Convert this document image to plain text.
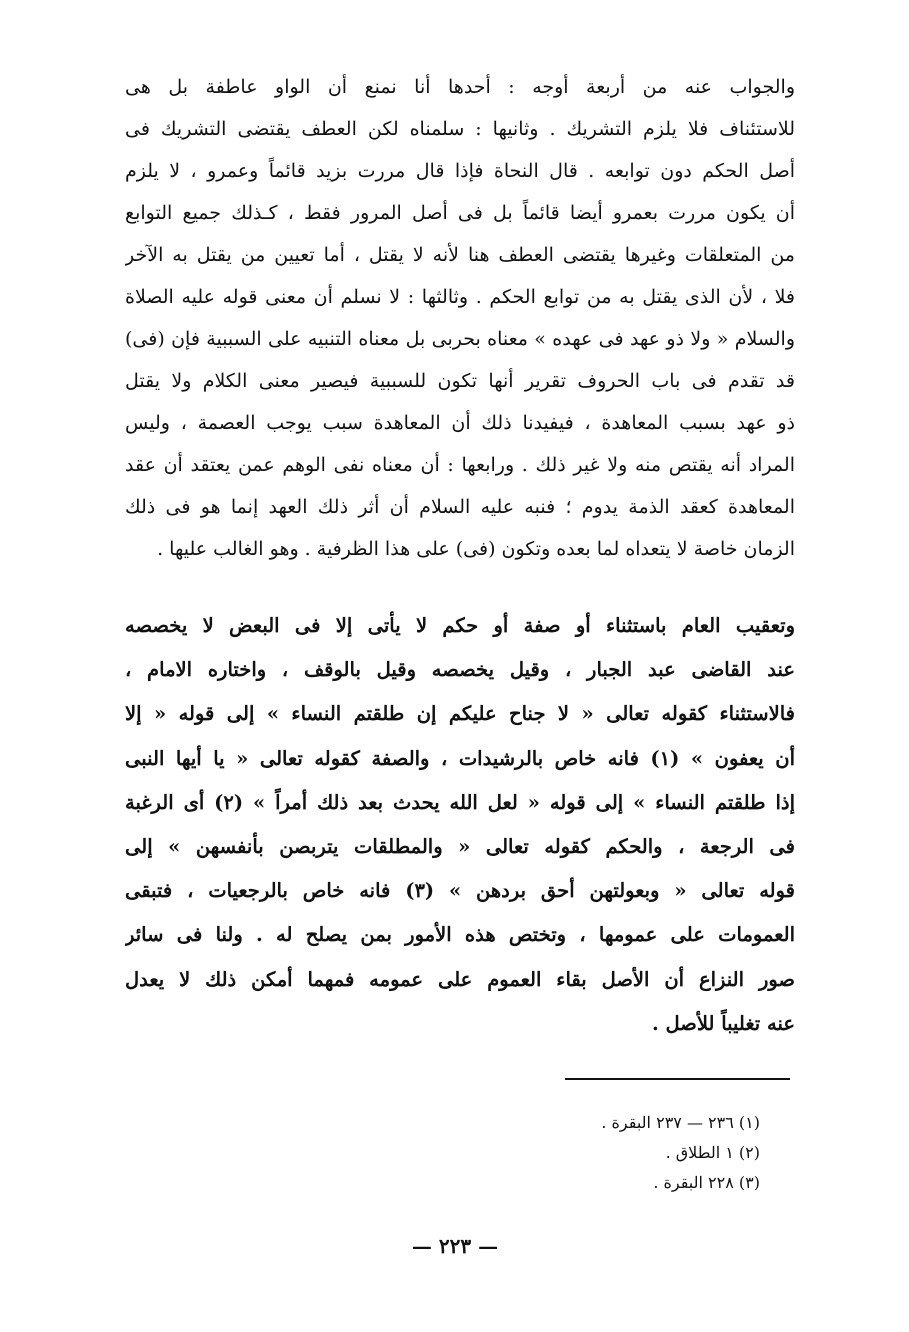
والجواب عنه من أربعة أوجه : أحدها أنا نمنع أن الواو عاطفة بل هى
للاستئناف فلا يلزم التشريك . وثانيها : سلمناه لكن العطف يقتضى التشريك فى
أصل الحكم دون توابعه . قال النحاة فإذا قال مررت بزيد قائماً وعمرو ، لا يلزم
أن يكون مررت بعمرو أيضا قائماً بل فى أصل المرور فقط ، كـذلك جميع التوابع
من المتعلقات وغيرها يقتضى العطف هنا لأنه لا يقتل ، أما تعيين من يقتل به الآخر
فلا ، لأن الذى يقتل به من توابع الحكم . وثالثها : لا نسلم أن معنى قوله عليه الصلاة
والسلام « ولا ذو عهد فى عهده » معناه بحربى بل معناه التنبيه على السببية فإن (فى)
قد تقدم فى باب الحروف تقرير أنها تكون للسببية فيصير معنى الكلام ولا يقتل
ذو عهد بسبب المعاهدة ، فيفيدنا ذلك أن المعاهدة سبب يوجب العصمة ، وليس
المراد أنه يقتص منه ولا غير ذلك . ورابعها : أن معناه نفى الوهم عمن يعتقد أن عقد
المعاهدة كعقد الذمة يدوم ؛ فنبه عليه السلام أن أثر ذلك العهد إنما هو فى ذلك
الزمان خاصة لا يتعداه لما بعده وتكون (فى) على هذا الظرفية . وهو الغالب عليها .
وتعقيب العام باستثناء أو صفة أو حكم لا يأتى إلا فى البعض لا يخصصه
عند القاضى عبد الجبار ، وقيل يخصصه وقيل بالوقف ، واختاره الامام ،
فالاستثناء كقوله تعالى « لا جناح عليكم إن طلقتم النساء » إلى قوله « إلا
أن يعفون » (١) فانه خاص بالرشيدات ، والصفة كقوله تعالى « يا أيها النبى
إذا طلقتم النساء » إلى قوله « لعل الله يحدث بعد ذلك أمراً » (٢) أى الرغبة
فى الرجعة ، والحكم كقوله تعالى « والمطلقات يتربصن بأنفسهن » إلى
قوله تعالى « وبعولتهن أحق بردهن » (٣) فانه خاص بالرجعيات ، فتبقى
العمومات على عمومها ، وتختص هذه الأمور بمن يصلح له . ولنا فى سائر
صور النزاع أن الأصل بقاء العموم على عمومه فمهما أمكن ذلك لا يعدل
عنه تغليباً للأصل .
(١) ٢٣٦ — ٢٣٧ البقرة .
(٢) ١ الطلاق .
(٣) ٢٢٨ البقرة .
— ٢٢٣ —
